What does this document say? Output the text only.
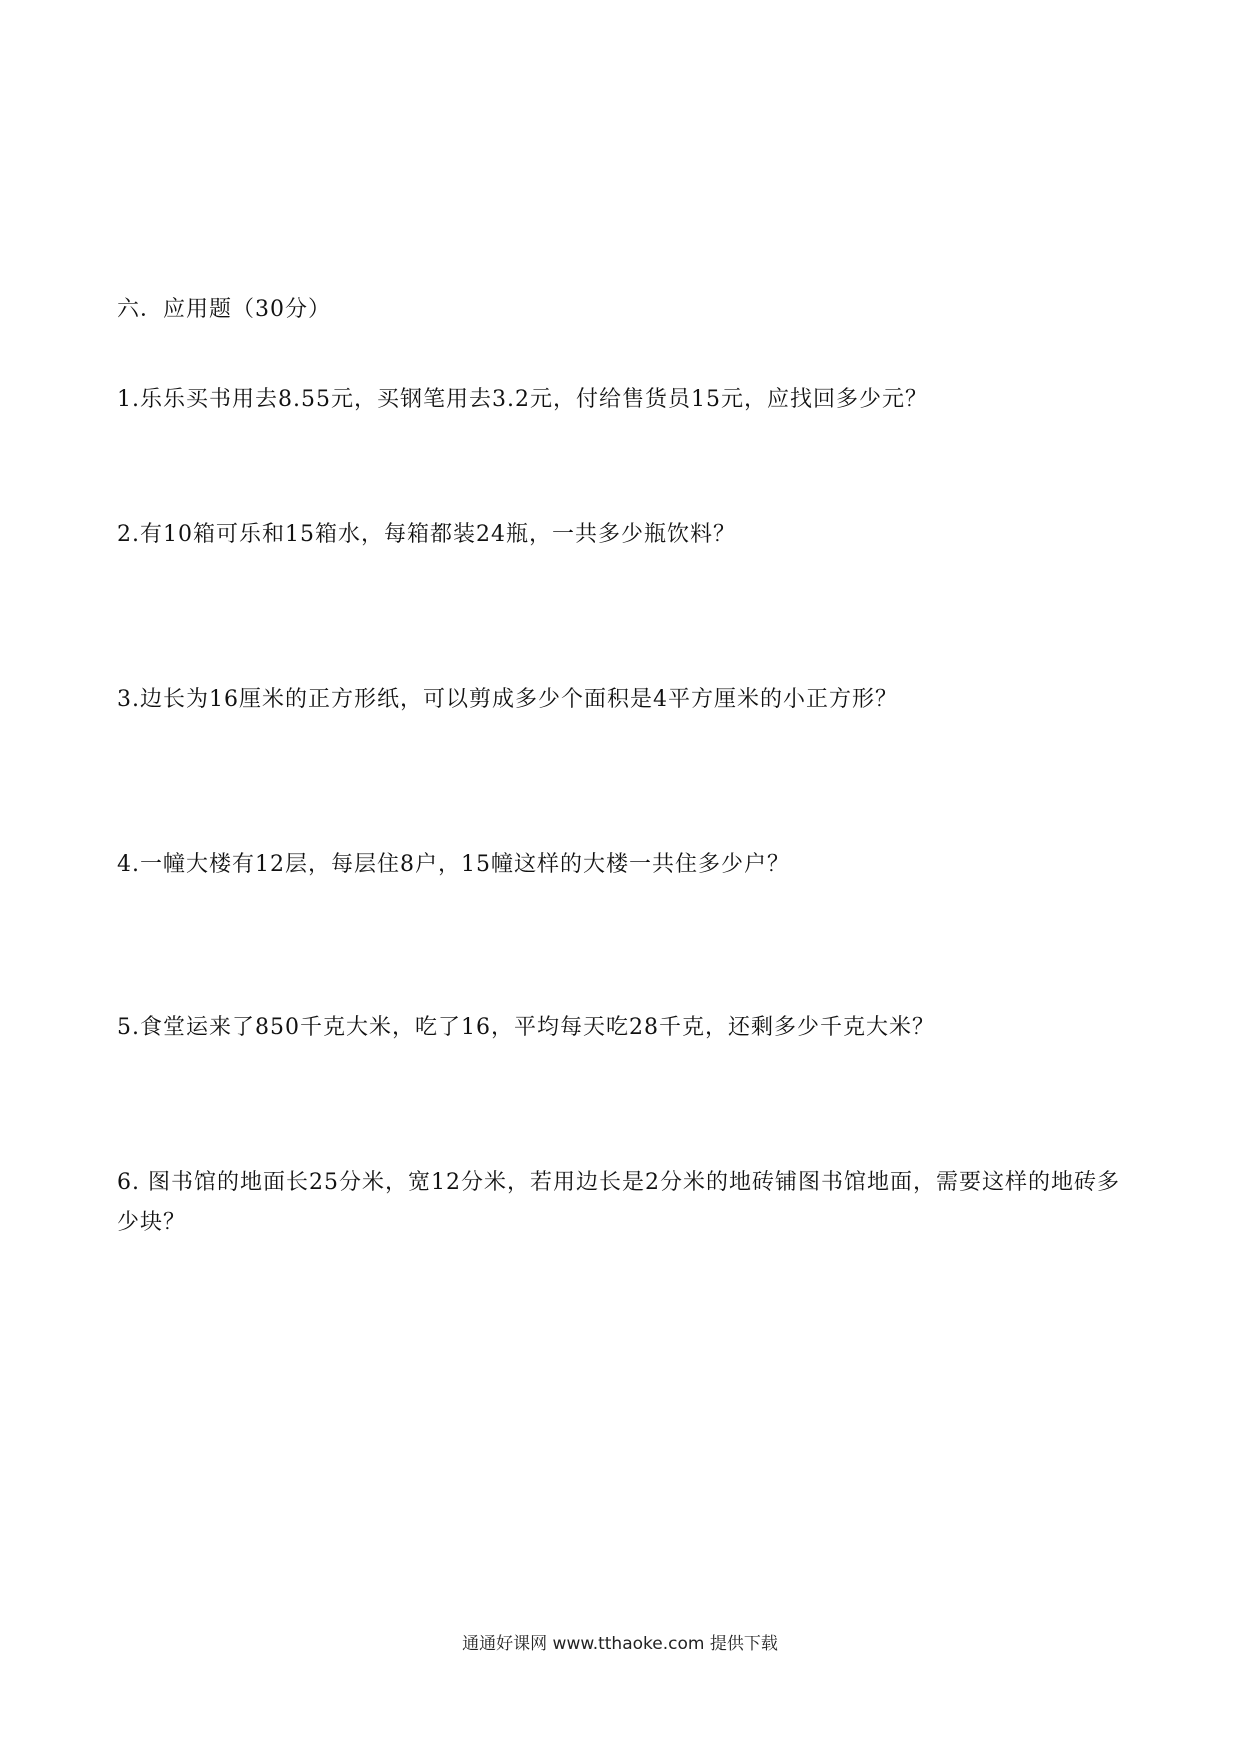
六．应用题（30分）
1.乐乐买书用去8.55元，买钢笔用去3.2元，付给售货员15元，应找回多少元？
2.有10箱可乐和15箱水，每箱都装24瓶，一共多少瓶饮料？
3.边长为16厘米的正方形纸，可以剪成多少个面积是4平方厘米的小正方形？
4.一幢大楼有12层，每层住8户，15幢这样的大楼一共住多少户？
5.食堂运来了850千克大米，吃了16，平均每天吃28千克，还剩多少千克大米？
6. 图书馆的地面长25分米，宽12分米，若用边长是2分米的地砖铺图书馆地面，需要这样的地砖多少块？
通通好课网 www.tthaoke.com 提供下载
